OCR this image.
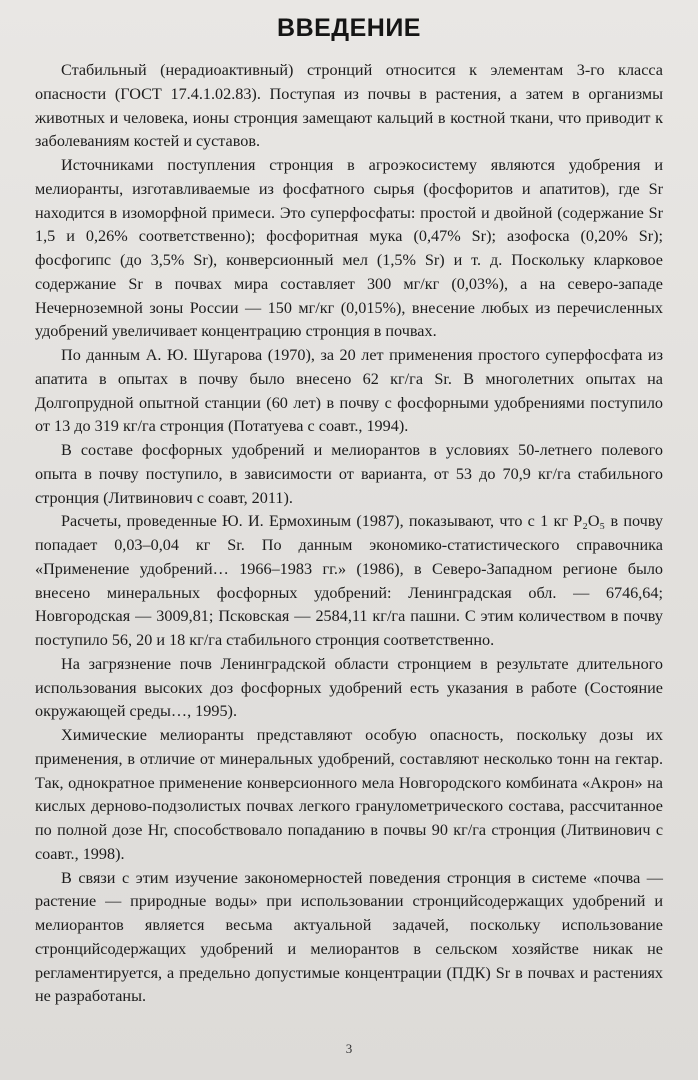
ВВЕДЕНИЕ

Стабильный (нерадиоактивный) стронций относится к элементам 3-го класса опасности (ГОСТ 17.4.1.02.83). Поступая из почвы в растения, а затем в организмы животных и человека, ионы стронция замещают кальций в костной ткани, что приводит к заболеваниям костей и суставов.

Источниками поступления стронция в агроэкосистему являются удобрения и мелиоранты, изготавливаемые из фосфатного сырья (фосфоритов и апатитов), где Sr находится в изоморфной примеси. Это суперфосфаты: простой и двойной (содержание Sr 1,5 и 0,26% соответственно); фосфоритная мука (0,47% Sr); азофоска (0,20% Sr); фосфогипс (до 3,5% Sr), конверсионный мел (1,5% Sr) и т. д. Поскольку кларковое содержание Sr в почвах мира составляет 300 мг/кг (0,03%), а на северо-западе Нечерноземной зоны России — 150 мг/кг (0,015%), внесение любых из перечисленных удобрений увеличивает концентрацию стронция в почвах.

По данным А. Ю. Шугарова (1970), за 20 лет применения простого суперфосфата из апатита в опытах в почву было внесено 62 кг/га Sr. В многолетних опытах на Долгопрудной опытной станции (60 лет) в почву с фосфорными удобрениями поступило от 13 до 319 кг/га стронция (Потатуева с соавт., 1994).

В составе фосфорных удобрений и мелиорантов в условиях 50-летнего полевого опыта в почву поступило, в зависимости от варианта, от 53 до 70,9 кг/га стабильного стронция (Литвинович с соавт, 2011).

Расчеты, проведенные Ю. И. Ермохиным (1987), показывают, что с 1 кг P₂O₅ в почву попадает 0,03–0,04 кг Sr. По данным экономико-статистического справочника «Применение удобрений… 1966–1983 гг.» (1986), в Северо-Западном регионе было внесено минеральных фосфорных удобрений: Ленинградская обл. — 6746,64; Новгородская — 3009,81; Псковская — 2584,11 кг/га пашни. С этим количеством в почву поступило 56, 20 и 18 кг/га стабильного стронция соответственно.

На загрязнение почв Ленинградской области стронцием в результате длительного использования высоких доз фосфорных удобрений есть указания в работе (Состояние окружающей среды…, 1995).

Химические мелиоранты представляют особую опасность, поскольку дозы их применения, в отличие от минеральных удобрений, составляют несколько тонн на гектар. Так, однократное применение конверсионного мела Новгородского комбината «Акрон» на кислых дерново-подзолистых почвах легкого гранулометрического состава, рассчитанное по полной дозе Нг, способствовало попаданию в почвы 90 кг/га стронция (Литвинович с соавт., 1998).

В связи с этим изучение закономерностей поведения стронция в системе «почва — растение — природные воды» при использовании стронцийсодержащих удобрений и мелиорантов является весьма актуальной задачей, поскольку использование стронцийсодержащих удобрений и мелиорантов в сельском хозяйстве никак не регламентируется, а предельно допустимые концентрации (ПДК) Sr в почвах и растениях не разработаны.

3
